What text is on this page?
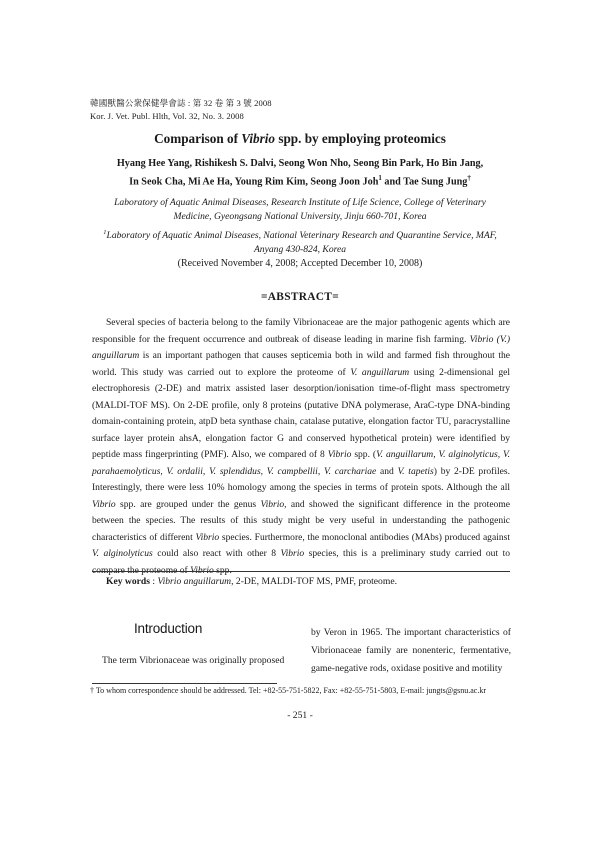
韓國獸醫公衆保健學會誌 : 第 32 卷 第 3 號 2008
Kor. J. Vet. Publ. Hlth, Vol. 32, No. 3. 2008
Comparison of Vibrio spp. by employing proteomics
Hyang Hee Yang, Rishikesh S. Dalvi, Seong Won Nho, Seong Bin Park, Ho Bin Jang,
In Seok Cha, Mi Ae Ha, Young Rim Kim, Seong Joon Joh$^1$ and Tae Sung Jung†
Laboratory of Aquatic Animal Diseases, Research Institute of Life Science, College of Veterinary
Medicine, Gyeongsang National University, Jinju 660-701, Korea
$^1$Laboratory of Aquatic Animal Diseases, National Veterinary Research and Quarantine Service, MAF,
Anyang 430-824, Korea
(Received November 4, 2008; Accepted December 10, 2008)
=ABSTRACT=

Several species of bacteria belong to the family Vibrionaceae are the major pathogenic agents which are responsible for the frequent occurrence and outbreak of disease leading in marine fish farming. Vibrio (V.) anguillarum is an important pathogen that causes septicemia both in wild and farmed fish throughout the world. This study was carried out to explore the proteome of V. anguillarum using 2-dimensional gel electrophoresis (2-DE) and matrix assisted laser desorption/ionisation time-of-flight mass spectrometry (MALDI-TOF MS). On 2-DE profile, only 8 proteins (putative DNA polymerase, AraC-type DNA-binding domain-containing protein, atpD beta synthase chain, catalase putative, elongation factor TU, paracrystalline surface layer protein ahsA, elongation factor G and conserved hypothetical protein) were identified by peptide mass fingerprinting (PMF). Also, we compared of 8 Vibrio spp. (V. anguillarum, V. alginolyticus, V. parahaemolyticus, V. ordalii, V. splendidus, V. campbellii, V. carchariae and V. tapetis) by 2-DE profiles. Interestingly, there were less 10% homology among the species in terms of protein spots. Although the all Vibrio spp. are grouped under the genus Vibrio, and showed the significant difference in the proteome between the species. The results of this study might be very useful in understanding the pathogenic characteristics of different Vibrio species. Furthermore, the monoclonal antibodies (MAbs) produced against V. alginolyticus could also react with other 8 Vibrio species, this is a preliminary study carried out to compare the proteome of Vibrio spp.

Key words : Vibrio anguillarum, 2-DE, MALDI-TOF MS, PMF, proteome.
Introduction

The term Vibrionaceae was originally proposed

by Veron in 1965. The important characteristics of Vibrionaceae family are nonenteric, fermentative, game-negative rods, oxidase positive and motility

† To whom correspondence should be addressed. Tel: +82-55-751-5822, Fax: +82-55-751-5803, E-mail: jungts@gsnu.ac.kr
- 251 -
